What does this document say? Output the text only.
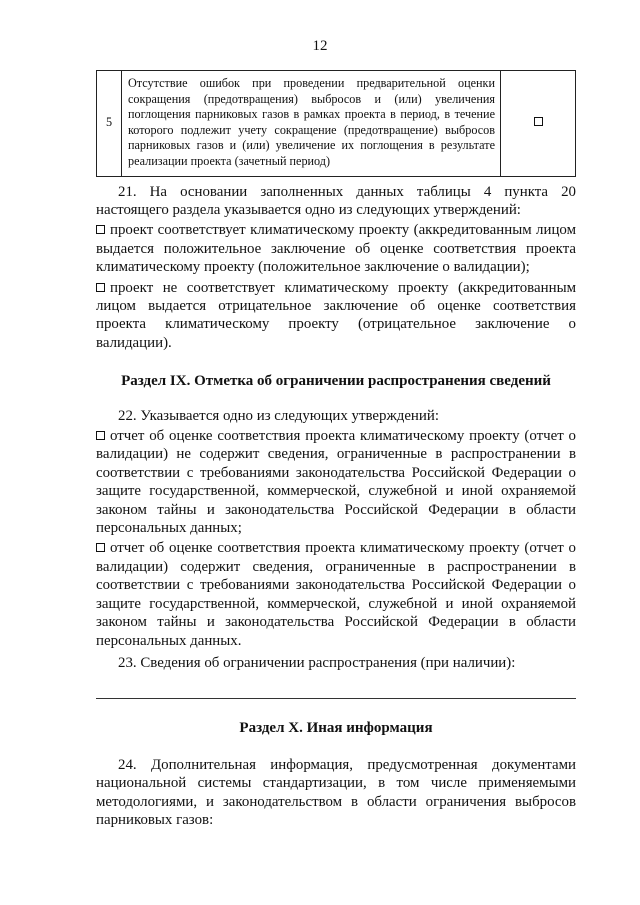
12
5	Отсутствие ошибок при проведении предварительной оценки сокращения (предотвращения) выбросов и (или) увеличения поглощения парниковых газов в рамках проекта в период, в течение которого подлежит учету сокращение (предотвращение) выбросов парниковых газов и (или) увеличение их поглощения в результате реализации проекта (зачетный период)	

21. На основании заполненных данных таблицы 4 пункта 20 настоящего раздела указывается одно из следующих утверждений:

проект соответствует климатическому проекту (аккредитованным лицом выдается положительное заключение об оценке соответствия проекта климатическому проекту (положительное заключение о валидации);

проект не соответствует климатическому проекту (аккредитованным лицом выдается отрицательное заключение об оценке соответствия проекта климатическому проекту (отрицательное заключение о валидации).

Раздел IX. Отметка об ограничении распространения сведений

22. Указывается одно из следующих утверждений:

отчет об оценке соответствия проекта климатическому проекту (отчет о валидации) не содержит сведения, ограниченные в распространении в соответствии с требованиями законодательства Российской Федерации о защите государственной, коммерческой, служебной и иной охраняемой законом тайны и законодательства Российской Федерации в области персональных данных;

отчет об оценке соответствия проекта климатическому проекту (отчет о валидации) содержит сведения, ограниченные в распространении в соответствии с требованиями законодательства Российской Федерации о защите государственной, коммерческой, служебной и иной охраняемой законом тайны и законодательства Российской Федерации в области персональных данных.

23. Сведения об ограничении распространения (при наличии):

Раздел X. Иная информация

24. Дополнительная информация, предусмотренная документами национальной системы стандартизации, в том числе применяемыми методологиями, и законодательством в области ограничения выбросов парниковых газов:
